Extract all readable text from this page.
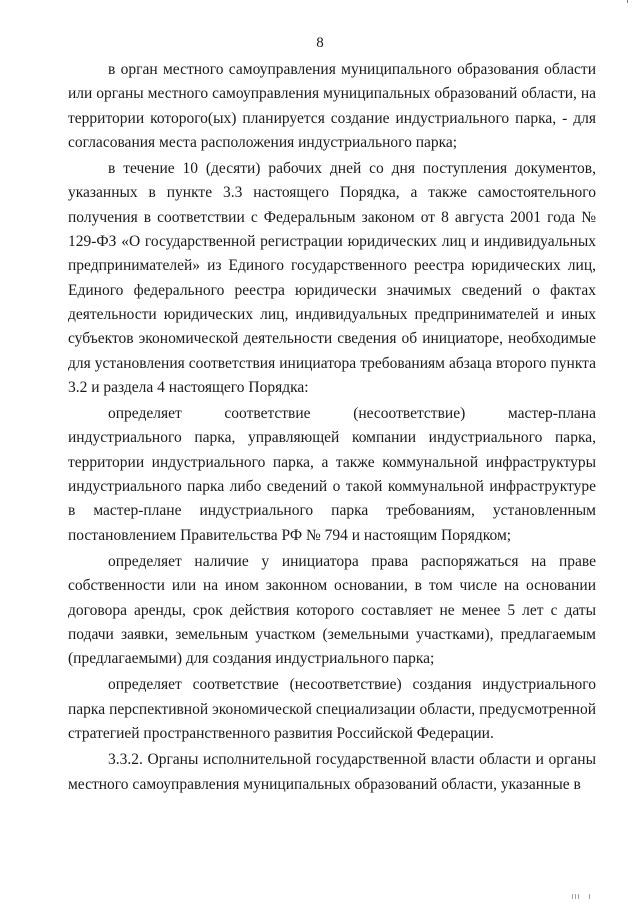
8

в орган местного самоуправления муниципального образования области или органы местного самоуправления муниципальных образований области, на территории которого(ых) планируется создание индустриального парка, - для согласования места расположения индустриального парка;

в течение 10 (десяти) рабочих дней со дня поступления документов, указанных в пункте 3.3 настоящего Порядка, а также самостоятельного получения в соответствии с Федеральным законом от 8 августа 2001 года № 129-ФЗ «О государственной регистрации юридических лиц и индивидуальных предпринимателей» из Единого государственного реестра юридических лиц, Единого федерального реестра юридически значимых сведений о фактах деятельности юридических лиц, индивидуальных предпринимателей и иных субъектов экономической деятельности сведения об инициаторе, необходимые для установления соответствия инициатора требованиям абзаца второго пункта 3.2 и раздела 4 настоящего Порядка:

определяет соответствие (несоответствие) мастер-плана индустриального парка, управляющей компании индустриального парка, территории индустриального парка, а также коммунальной инфраструктуры индустриального парка либо сведений о такой коммунальной инфраструктуре в мастер-плане индустриального парка требованиям, установленным постановлением Правительства РФ № 794 и настоящим Порядком;

определяет наличие у инициатора права распоряжаться на праве собственности или на ином законном основании, в том числе на основании договора аренды, срок действия которого составляет не менее 5 лет с даты подачи заявки, земельным участком (земельными участками), предлагаемым (предлагаемыми) для создания индустриального парка;

определяет соответствие (несоответствие) создания индустриального парка перспективной экономической специализации области, предусмотренной стратегией пространственного развития Российской Федерации.

3.3.2. Органы исполнительной государственной власти области и органы местного самоуправления муниципальных образований области, указанные в
